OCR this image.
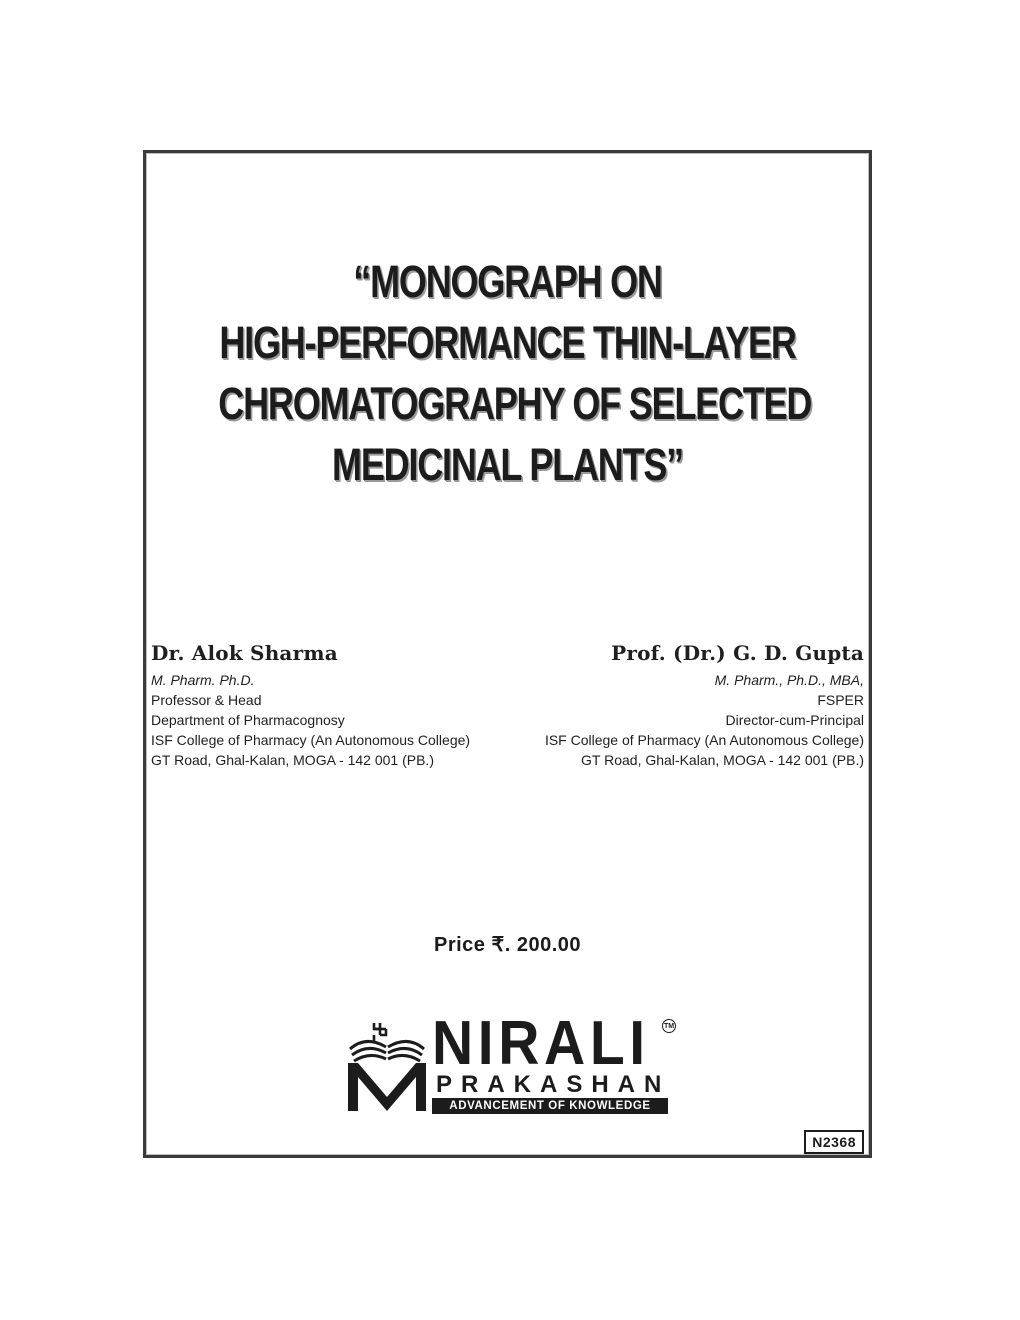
“MONOGRAPH ON
HIGH-PERFORMANCE THIN-LAYER
CHROMATOGRAPHY OF SELECTED
MEDICINAL PLANTS”
Dr. Alok Sharma
M. Pharm. Ph.D.
Professor & Head
Department of Pharmacognosy
ISF College of Pharmacy (An Autonomous College)
GT Road, Ghal-Kalan, MOGA - 142 001 (PB.)
Prof. (Dr.) G. D. Gupta
M. Pharm., Ph.D., MBA,
FSPER
Director-cum-Principal
ISF College of Pharmacy (An Autonomous College)
GT Road, Ghal-Kalan, MOGA - 142 001 (PB.)
Price ₹. 200.00
NIRALI TM
PRAKASHAN
ADVANCEMENT OF KNOWLEDGE
N2368
